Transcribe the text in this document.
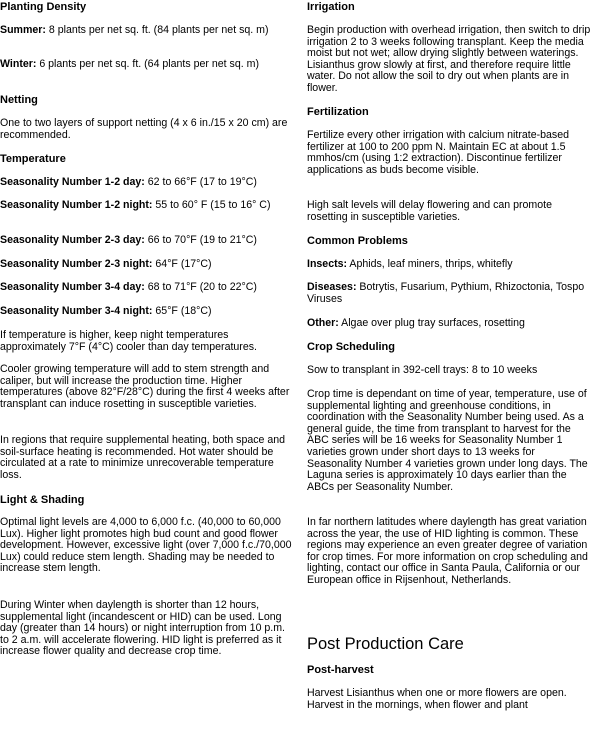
Planting Density

Summer: 8 plants per net sq. ft. (84 plants per net sq. m)

Winter: 6 plants per net sq. ft. (64 plants per net sq. m)

Netting

One to two layers of support netting (4 x 6 in./15 x 20 cm) are recommended.

Temperature

Seasonality Number 1-2 day: 62 to 66°F (17 to 19°C)

Seasonality Number 1-2 night: 55 to 60° F (15 to 16° C)

Seasonality Number 2-3 day: 66 to 70°F (19 to 21°C)

Seasonality Number 2-3 night: 64°F (17°C)

Seasonality Number 3-4 day: 68 to 71°F (20 to 22°C)

Seasonality Number 3-4 night: 65°F (18°C)

If temperature is higher, keep night temperatures approximately 7°F (4°C) cooler than day temperatures.

Cooler growing temperature will add to stem strength and caliper, but will increase the production time. Higher temperatures (above 82°F/28°C) during the first 4 weeks after transplant can induce rosetting in susceptible varieties.

In regions that require supplemental heating, both space and soil-surface heating is recommended. Hot water should be circulated at a rate to minimize unrecoverable temperature loss.

Light & Shading

Optimal light levels are 4,000 to 6,000 f.c. (40,000 to 60,000 Lux). Higher light promotes high bud count and good flower development. However, excessive light (over 7,000 f.c./70,000 Lux) could reduce stem length. Shading may be needed to increase stem length.

During Winter when daylength is shorter than 12 hours, supplemental light (incandescent or HID) can be used. Long day (greater than 14 hours) or night interruption from 10 p.m. to 2 a.m. will accelerate flowering. HID light is preferred as it increase flower quality and decrease crop time.

Irrigation

Begin production with overhead irrigation, then switch to drip irrigation 2 to 3 weeks following transplant. Keep the media moist but not wet; allow drying slightly between waterings. Lisianthus grow slowly at first, and therefore require little water. Do not allow the soil to dry out when plants are in flower.

Fertilization

Fertilize every other irrigation with calcium nitrate-based fertilizer at 100 to 200 ppm N. Maintain EC at about 1.5 mmhos/cm (using 1:2 extraction). Discontinue fertilizer applications as buds become visible.

High salt levels will delay flowering and can promote rosetting in susceptible varieties.

Common Problems

Insects: Aphids, leaf miners, thrips, whitefly

Diseases: Botrytis, Fusarium, Pythium, Rhizoctonia, Tospo Viruses

Other: Algae over plug tray surfaces, rosetting

Crop Scheduling

Sow to transplant in 392-cell trays: 8 to 10 weeks

Crop time is dependant on time of year, temperature, use of supplemental lighting and greenhouse conditions, in coordination with the Seasonality Number being used. As a general guide, the time from transplant to harvest for the ABC series will be 16 weeks for Seasonality Number 1 varieties grown under short days to 13 weeks for Seasonality Number 4 varieties grown under long days. The Laguna series is approximately 10 days earlier than the ABCs per Seasonality Number.

In far northern latitudes where daylength has great variation across the year, the use of HID lighting is common. These regions may experience an even greater degree of variation for crop times. For more information on crop scheduling and lighting, contact our office in Santa Paula, California or our European office in Rijsenhout, Netherlands.

Post Production Care
Post-harvest

Harvest Lisianthus when one or more flowers are open. Harvest in the mornings, when flower and plant
